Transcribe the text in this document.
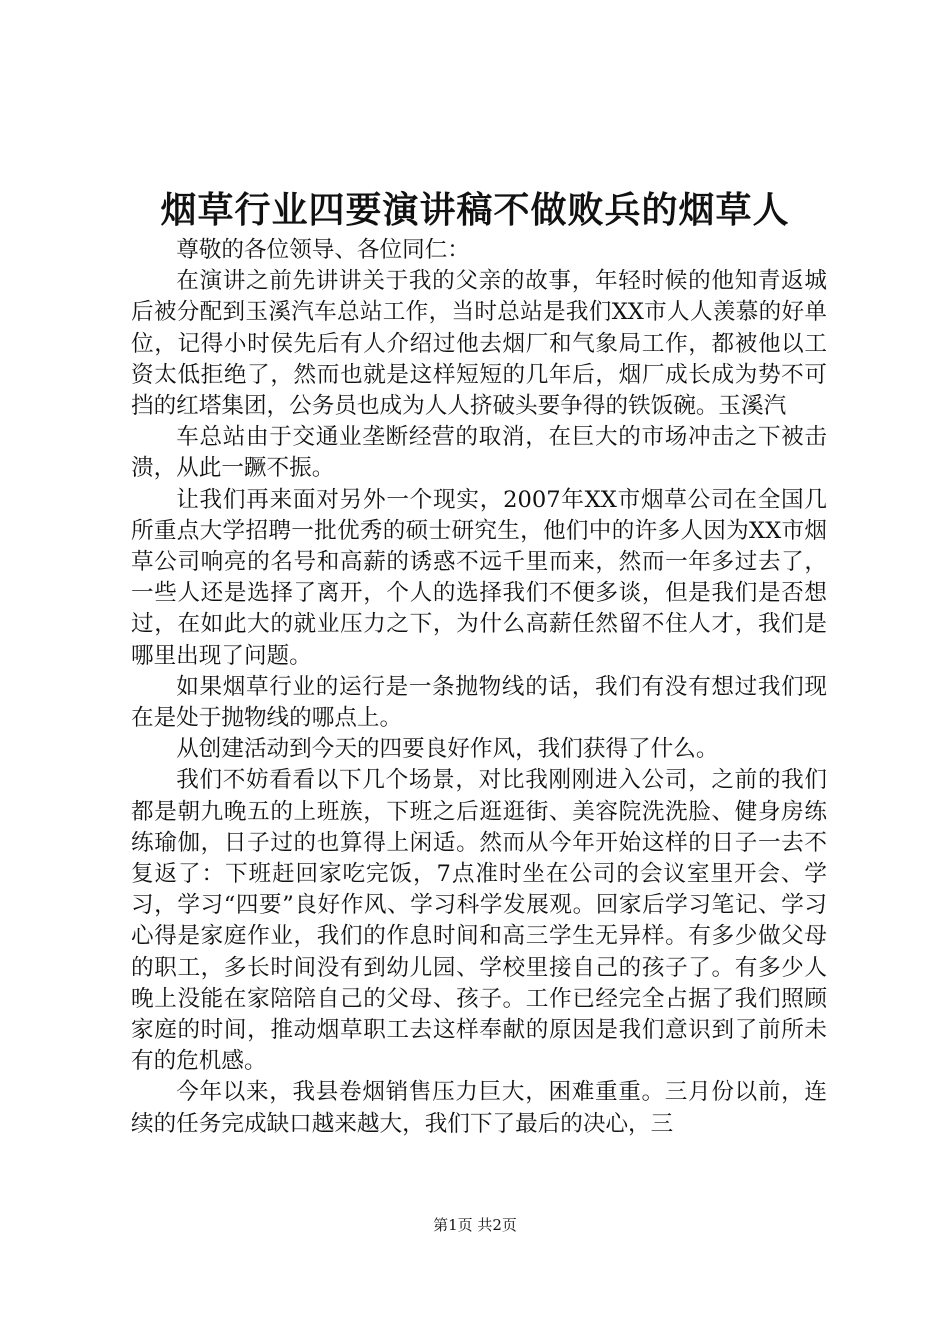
烟草行业四要演讲稿不做败兵的烟草人

尊敬的各位领导、各位同仁：

在演讲之前先讲讲关于我的父亲的故事，年轻时候的他知青返城后被分配到玉溪汽车总站工作，当时总站是我们XX市人人羡慕的好单位，记得小时侯先后有人介绍过他去烟厂和气象局工作，都被他以工资太低拒绝了，然而也就是这样短短的几年后，烟厂成长成为势不可挡的红塔集团，公务员也成为人人挤破头要争得的铁饭碗。玉溪汽

车总站由于交通业垄断经营的取消，在巨大的市场冲击之下被击溃，从此一蹶不振。

让我们再来面对另外一个现实，2007年XX市烟草公司在全国几所重点大学招聘一批优秀的硕士研究生，他们中的许多人因为XX市烟草公司响亮的名号和高薪的诱惑不远千里而来，然而一年多过去了，一些人还是选择了离开，个人的选择我们不便多谈，但是我们是否想过，在如此大的就业压力之下，为什么高薪任然留不住人才，我们是哪里出现了问题。

如果烟草行业的运行是一条抛物线的话，我们有没有想过我们现在是处于抛物线的哪点上。

从创建活动到今天的四要良好作风，我们获得了什么。

我们不妨看看以下几个场景，对比我刚刚进入公司，之前的我们都是朝九晚五的上班族，下班之后逛逛街、美容院洗洗脸、健身房练练瑜伽，日子过的也算得上闲适。然而从今年开始这样的日子一去不复返了：下班赶回家吃完饭，7点准时坐在公司的会议室里开会、学习，学习“四要”良好作风、学习科学发展观。回家后学习笔记、学习心得是家庭作业，我们的作息时间和高三学生无异样。有多少做父母的职工，多长时间没有到幼儿园、学校里接自己的孩子了。有多少人晚上没能在家陪陪自己的父母、孩子。工作已经完全占据了我们照顾家庭的时间，推动烟草职工去这样奉献的原因是我们意识到了前所未有的危机感。

今年以来，我县卷烟销售压力巨大，困难重重。三月份以前，连续的任务完成缺口越来越大，我们下了最后的决心，三

第1页 共2页
